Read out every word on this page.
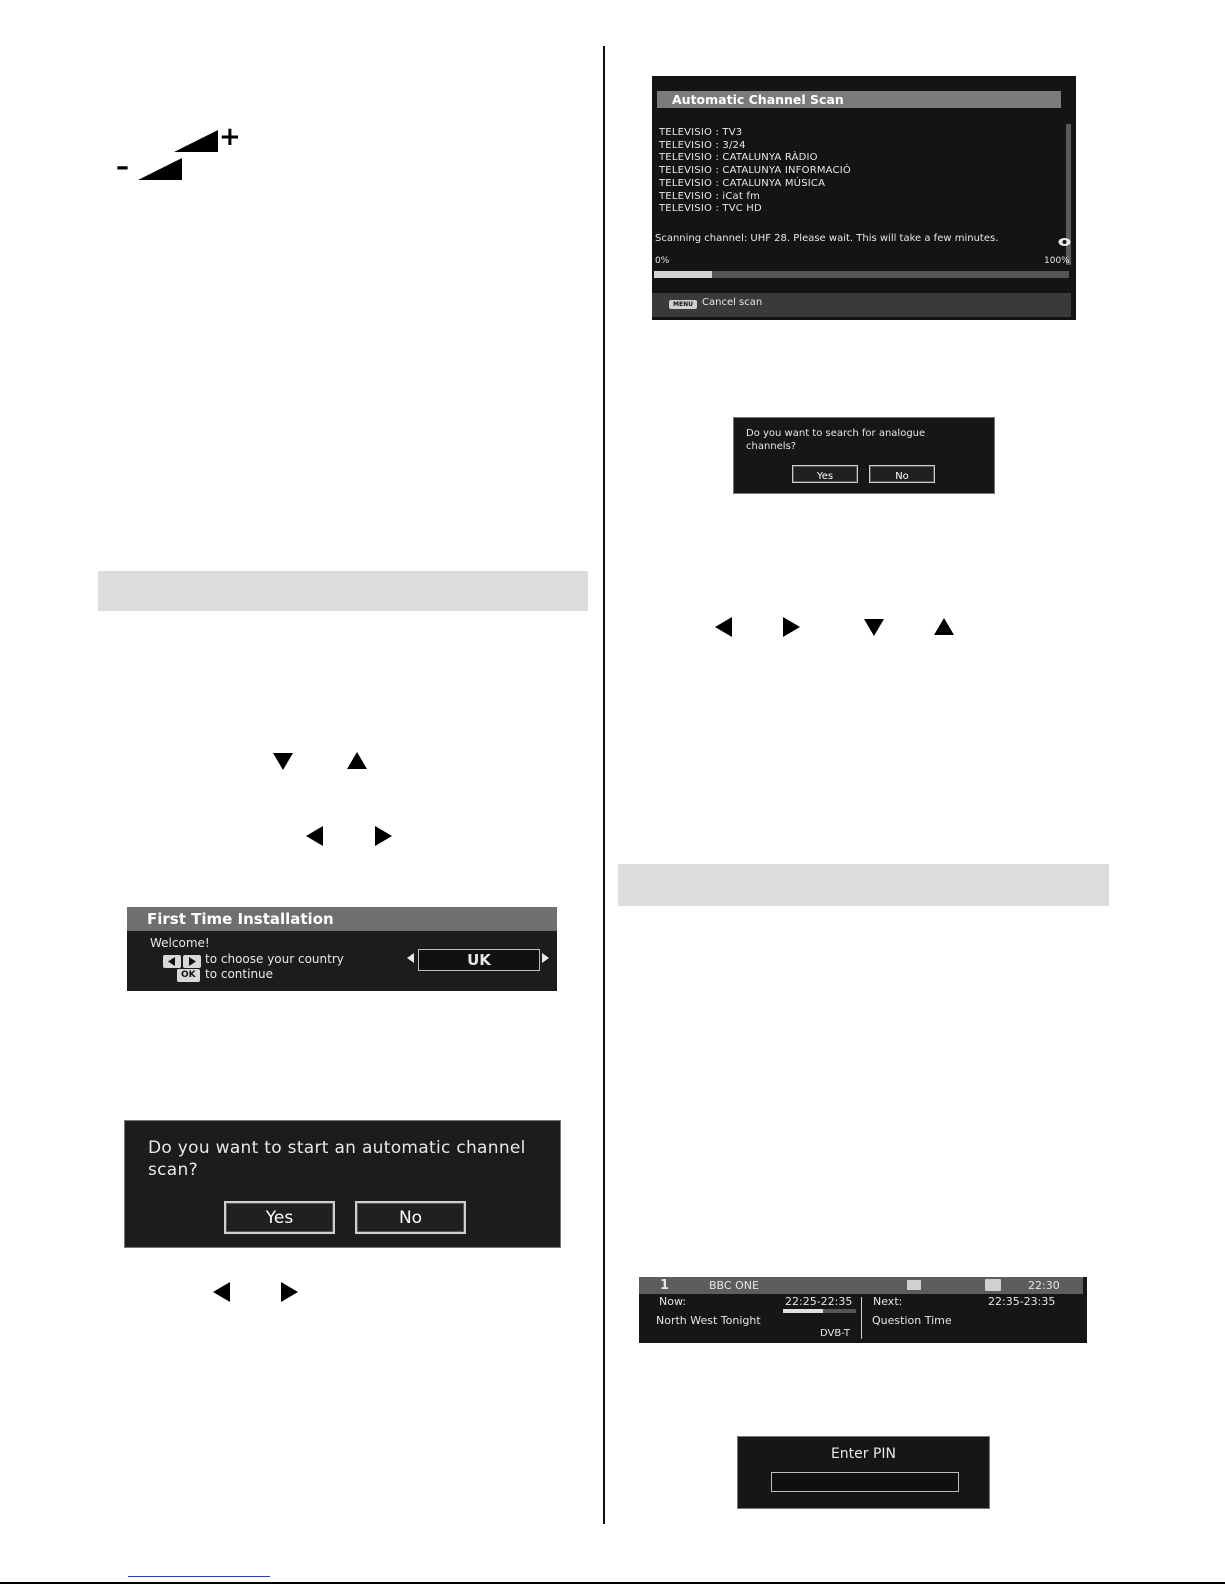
+
–
First Time Installation
Welcome!
to choose your country
OK to continue
UK
Do you want to start an automatic channel scan?
Yes	No
Automatic Channel Scan
TELEVISIO : TV3
TELEVISIO : 3/24
TELEVISIO : CATALUNYA RÀDIO
TELEVISIO : CATALUNYA INFORMACIÓ
TELEVISIO : CATALUNYA MÚSICA
TELEVISIO : iCat fm
TELEVISIO : TVC HD
Scanning channel: UHF 28. Please wait. This will take a few minutes.
0%	100%
MENU Cancel scan
Do you want to search for analogue channels?
Yes	No
1	BBC ONE	22:30
Now:	22:25-22:35
North West Tonight
DVB-T
Next:	22:35-23:35
Question Time
Enter PIN
